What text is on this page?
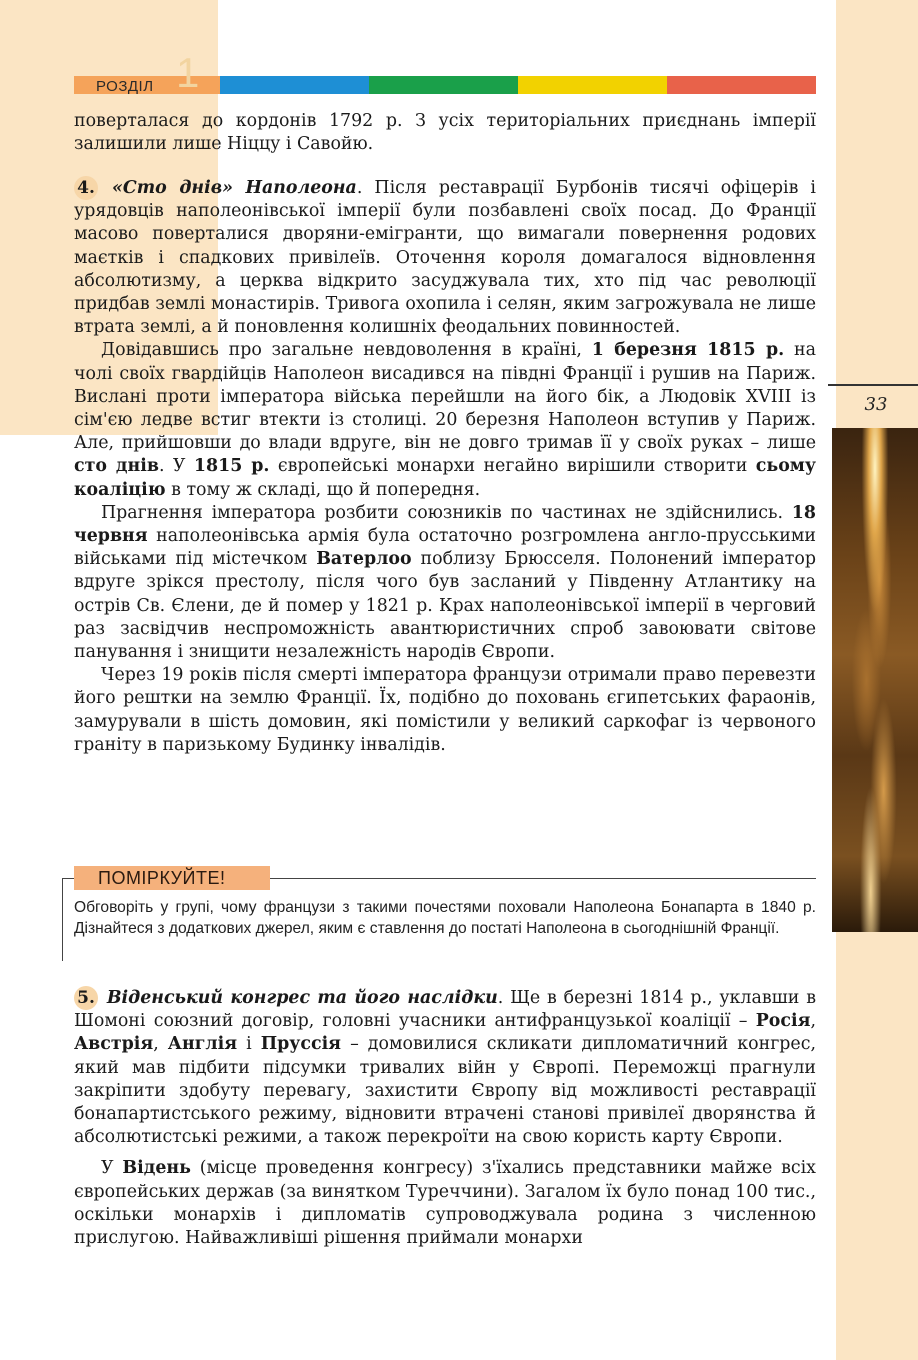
33
1
РОЗДІЛ

поверталася до кордонів 1792 р. З усіх територіальних приєднань імперії залишили лише Ніццу і Савойю.

4. «Сто днів» Наполеона. Після реставрації Бурбонів тисячі офіцерів і урядовців наполеонівської імперії були позбавлені своїх посад. До Франції масово поверталися дворяни-емігранти, що вимагали повернення родових маєтків і спадкових привілеїв. Оточення короля домагалося відновлення абсолютизму, а церква відкрито засуджувала тих, хто під час революції придбав землі монастирів. Тривога охопила і селян, яким загрожувала не лише втрата землі, а й поновлення колишніх феодальних повинностей.

Довідавшись про загальне невдоволення в країні, 1 березня 1815 р. на чолі своїх гвардійців Наполеон висадився на півдні Франції і рушив на Париж. Вислані проти імператора війська перейшли на його бік, а Людовік XVIII із сім'єю ледве встиг втекти із столиці. 20 березня Наполеон вступив у Париж. Але, прийшовши до влади вдруге, він не довго тримав її у своїх руках – лише сто днів. У 1815 р. європейські монархи негайно вирішили створити сьому коаліцію в тому ж складі, що й попередня.

Прагнення імператора розбити союзників по частинах не здійснились. 18 червня наполеонівська армія була остаточно розгромлена англо-прусськими військами під містечком Ватерлоо поблизу Брюсселя. Полонений імператор вдруге зрікся престолу, після чого був засланий у Південну Атлантику на острів Св. Єлени, де й помер у 1821 р. Крах наполеонівської імперії в черговий раз засвідчив неспроможність авантюристичних спроб завоювати світове панування і знищити незалежність народів Європи.

Через 19 років після смерті імператора французи отримали право перевезти його рештки на землю Франції. Їх, подібно до поховань єгипетських фараонів, замурували в шість домовин, які помістили у великий саркофаг із червоного граніту в паризькому Будинку інвалідів.

ПОМІРКУЙТЕ!
Обговоріть у групі, чому французи з такими почестями поховали Наполеона Бонапарта в 1840 р. Дізнайтеся з додаткових джерел, яким є ставлення до постаті Наполеона в сьогоднішній Франції.

5. Віденський конгрес та його наслідки. Ще в березні 1814 р., уклавши в Шомоні союзний договір, головні учасники антифранцузької коаліції – Росія, Австрія, Англія і Пруссія – домовилися скликати дипломатичний конгрес, який мав підбити підсумки тривалих війн у Європі. Переможці прагнули закріпити здобуту перевагу, захистити Європу від можливості реставрації бонапартистського режиму, відновити втрачені станові привілеї дворянства й абсолютистські режими, а також перекроїти на свою користь карту Європи.

У Відень (місце проведення конгресу) з'їхались представники майже всіх європейських держав (за винятком Туреччини). Загалом їх було понад 100 тис., оскільки монархів і дипломатів супроводжувала родина з численною прислугою. Найважливіші рішення приймали монархи
